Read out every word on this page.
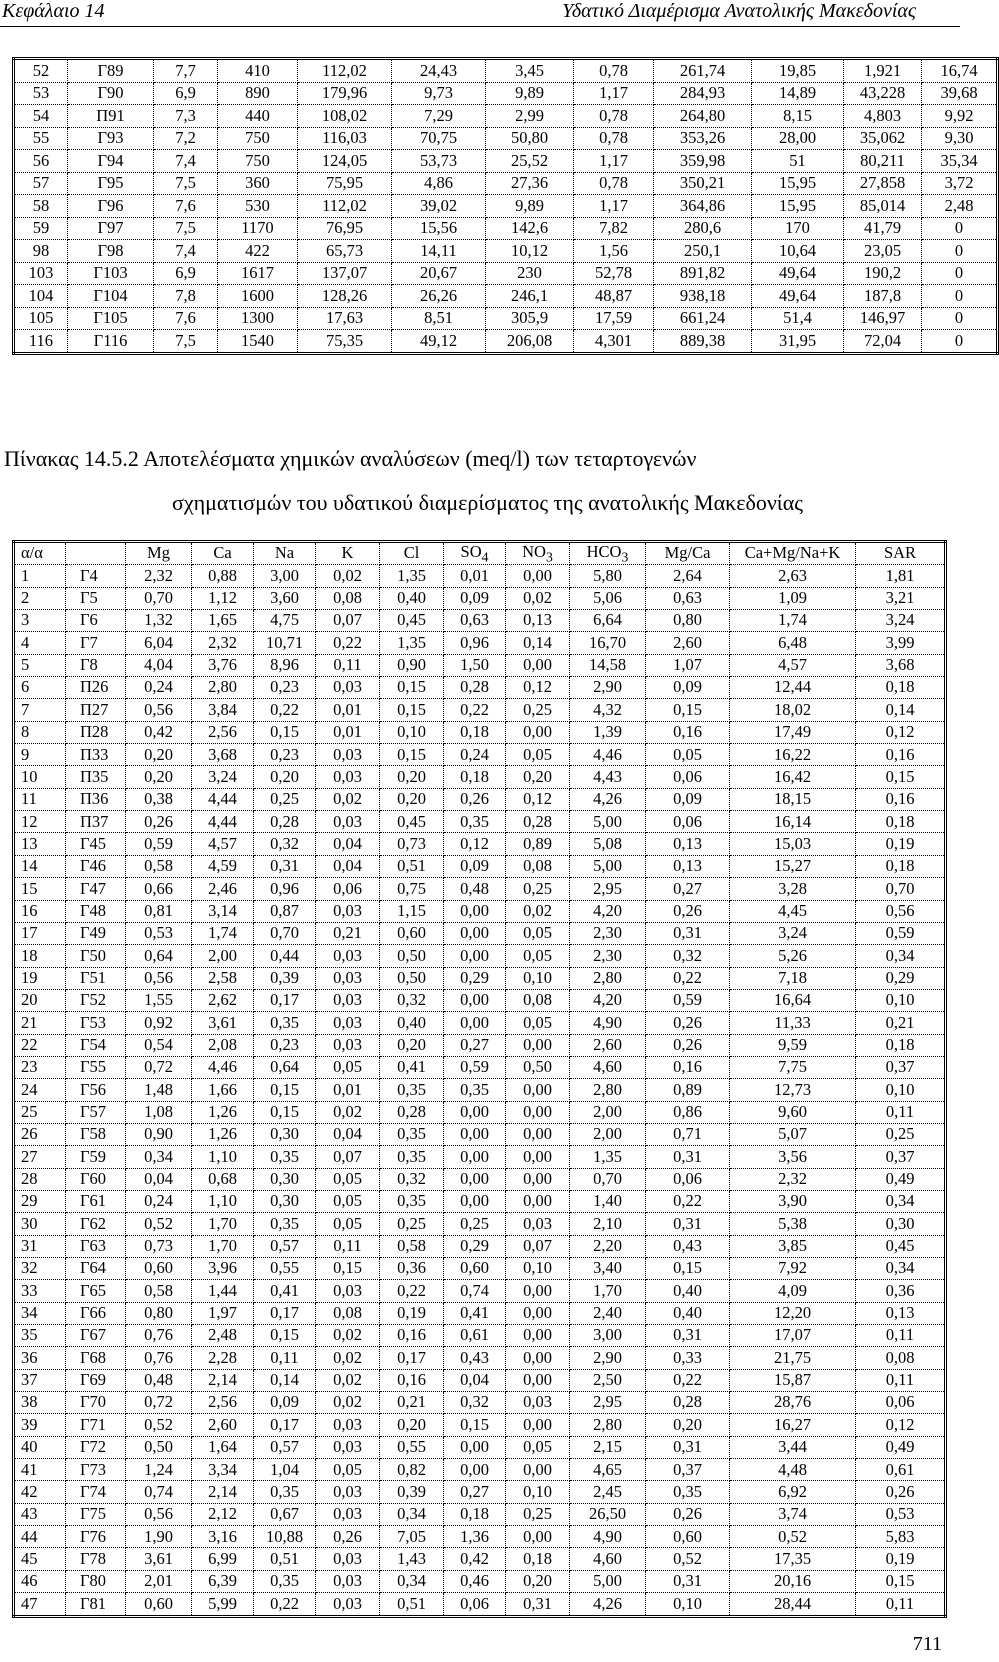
Κεφάλαιο 14	Υδατικό Διαμέρισμα Ανατολικής Μακεδονίας
52	Γ89	7,7	410	112,02	24,43	3,45	0,78	261,74	19,85	1,921	16,74
53	Γ90	6,9	890	179,96	9,73	9,89	1,17	284,93	14,89	43,228	39,68
54	Π91	7,3	440	108,02	7,29	2,99	0,78	264,80	8,15	4,803	9,92
55	Γ93	7,2	750	116,03	70,75	50,80	0,78	353,26	28,00	35,062	9,30
56	Γ94	7,4	750	124,05	53,73	25,52	1,17	359,98	51	80,211	35,34
57	Γ95	7,5	360	75,95	4,86	27,36	0,78	350,21	15,95	27,858	3,72
58	Γ96	7,6	530	112,02	39,02	9,89	1,17	364,86	15,95	85,014	2,48
59	Γ97	7,5	1170	76,95	15,56	142,6	7,82	280,6	170	41,79	0
98	Γ98	7,4	422	65,73	14,11	10,12	1,56	250,1	10,64	23,05	0
103	Γ103	6,9	1617	137,07	20,67	230	52,78	891,82	49,64	190,2	0
104	Γ104	7,8	1600	128,26	26,26	246,1	48,87	938,18	49,64	187,8	0
105	Γ105	7,6	1300	17,63	8,51	305,9	17,59	661,24	51,4	146,97	0
116	Γ116	7,5	1540	75,35	49,12	206,08	4,301	889,38	31,95	72,04	0
Πίνακας 14.5.2 Αποτελέσματα χημικών αναλύσεων (meq/l) των τεταρτογενών
σχηματισμών του υδατικού διαμερίσματος της ανατολικής Μακεδονίας
α/α		Mg	Ca	Na	K	Cl	$SO_4$	$NO_3$	$HCO_3$	Mg/Ca	Ca+Mg/Na+K	SAR
1	Γ4	2,32	0,88	3,00	0,02	1,35	0,01	0,00	5,80	2,64	2,63	1,81
2	Γ5	0,70	1,12	3,60	0,08	0,40	0,09	0,02	5,06	0,63	1,09	3,21
3	Γ6	1,32	1,65	4,75	0,07	0,45	0,63	0,13	6,64	0,80	1,74	3,24
4	Γ7	6,04	2,32	10,71	0,22	1,35	0,96	0,14	16,70	2,60	6,48	3,99
5	Γ8	4,04	3,76	8,96	0,11	0,90	1,50	0,00	14,58	1,07	4,57	3,68
6	Π26	0,24	2,80	0,23	0,03	0,15	0,28	0,12	2,90	0,09	12,44	0,18
7	Π27	0,56	3,84	0,22	0,01	0,15	0,22	0,25	4,32	0,15	18,02	0,14
8	Π28	0,42	2,56	0,15	0,01	0,10	0,18	0,00	1,39	0,16	17,49	0,12
9	Π33	0,20	3,68	0,23	0,03	0,15	0,24	0,05	4,46	0,05	16,22	0,16
10	Π35	0,20	3,24	0,20	0,03	0,20	0,18	0,20	4,43	0,06	16,42	0,15
11	Π36	0,38	4,44	0,25	0,02	0,20	0,26	0,12	4,26	0,09	18,15	0,16
12	Π37	0,26	4,44	0,28	0,03	0,45	0,35	0,28	5,00	0,06	16,14	0,18
13	Γ45	0,59	4,57	0,32	0,04	0,73	0,12	0,89	5,08	0,13	15,03	0,19
14	Γ46	0,58	4,59	0,31	0,04	0,51	0,09	0,08	5,00	0,13	15,27	0,18
15	Γ47	0,66	2,46	0,96	0,06	0,75	0,48	0,25	2,95	0,27	3,28	0,70
16	Γ48	0,81	3,14	0,87	0,03	1,15	0,00	0,02	4,20	0,26	4,45	0,56
17	Γ49	0,53	1,74	0,70	0,21	0,60	0,00	0,05	2,30	0,31	3,24	0,59
18	Γ50	0,64	2,00	0,44	0,03	0,50	0,00	0,05	2,30	0,32	5,26	0,34
19	Γ51	0,56	2,58	0,39	0,03	0,50	0,29	0,10	2,80	0,22	7,18	0,29
20	Γ52	1,55	2,62	0,17	0,03	0,32	0,00	0,08	4,20	0,59	16,64	0,10
21	Γ53	0,92	3,61	0,35	0,03	0,40	0,00	0,05	4,90	0,26	11,33	0,21
22	Γ54	0,54	2,08	0,23	0,03	0,20	0,27	0,00	2,60	0,26	9,59	0,18
23	Γ55	0,72	4,46	0,64	0,05	0,41	0,59	0,50	4,60	0,16	7,75	0,37
24	Γ56	1,48	1,66	0,15	0,01	0,35	0,35	0,00	2,80	0,89	12,73	0,10
25	Γ57	1,08	1,26	0,15	0,02	0,28	0,00	0,00	2,00	0,86	9,60	0,11
26	Γ58	0,90	1,26	0,30	0,04	0,35	0,00	0,00	2,00	0,71	5,07	0,25
27	Γ59	0,34	1,10	0,35	0,07	0,35	0,00	0,00	1,35	0,31	3,56	0,37
28	Γ60	0,04	0,68	0,30	0,05	0,32	0,00	0,00	0,70	0,06	2,32	0,49
29	Γ61	0,24	1,10	0,30	0,05	0,35	0,00	0,00	1,40	0,22	3,90	0,34
30	Γ62	0,52	1,70	0,35	0,05	0,25	0,25	0,03	2,10	0,31	5,38	0,30
31	Γ63	0,73	1,70	0,57	0,11	0,58	0,29	0,07	2,20	0,43	3,85	0,45
32	Γ64	0,60	3,96	0,55	0,15	0,36	0,60	0,10	3,40	0,15	7,92	0,34
33	Γ65	0,58	1,44	0,41	0,03	0,22	0,74	0,00	1,70	0,40	4,09	0,36
34	Γ66	0,80	1,97	0,17	0,08	0,19	0,41	0,00	2,40	0,40	12,20	0,13
35	Γ67	0,76	2,48	0,15	0,02	0,16	0,61	0,00	3,00	0,31	17,07	0,11
36	Γ68	0,76	2,28	0,11	0,02	0,17	0,43	0,00	2,90	0,33	21,75	0,08
37	Γ69	0,48	2,14	0,14	0,02	0,16	0,04	0,00	2,50	0,22	15,87	0,11
38	Γ70	0,72	2,56	0,09	0,02	0,21	0,32	0,03	2,95	0,28	28,76	0,06
39	Γ71	0,52	2,60	0,17	0,03	0,20	0,15	0,00	2,80	0,20	16,27	0,12
40	Γ72	0,50	1,64	0,57	0,03	0,55	0,00	0,05	2,15	0,31	3,44	0,49
41	Γ73	1,24	3,34	1,04	0,05	0,82	0,00	0,00	4,65	0,37	4,48	0,61
42	Γ74	0,74	2,14	0,35	0,03	0,39	0,27	0,10	2,45	0,35	6,92	0,26
43	Γ75	0,56	2,12	0,67	0,03	0,34	0,18	0,25	26,50	0,26	3,74	0,53
44	Γ76	1,90	3,16	10,88	0,26	7,05	1,36	0,00	4,90	0,60	0,52	5,83
45	Γ78	3,61	6,99	0,51	0,03	1,43	0,42	0,18	4,60	0,52	17,35	0,19
46	Γ80	2,01	6,39	0,35	0,03	0,34	0,46	0,20	5,00	0,31	20,16	0,15
47	Γ81	0,60	5,99	0,22	0,03	0,51	0,06	0,31	4,26	0,10	28,44	0,11
711
